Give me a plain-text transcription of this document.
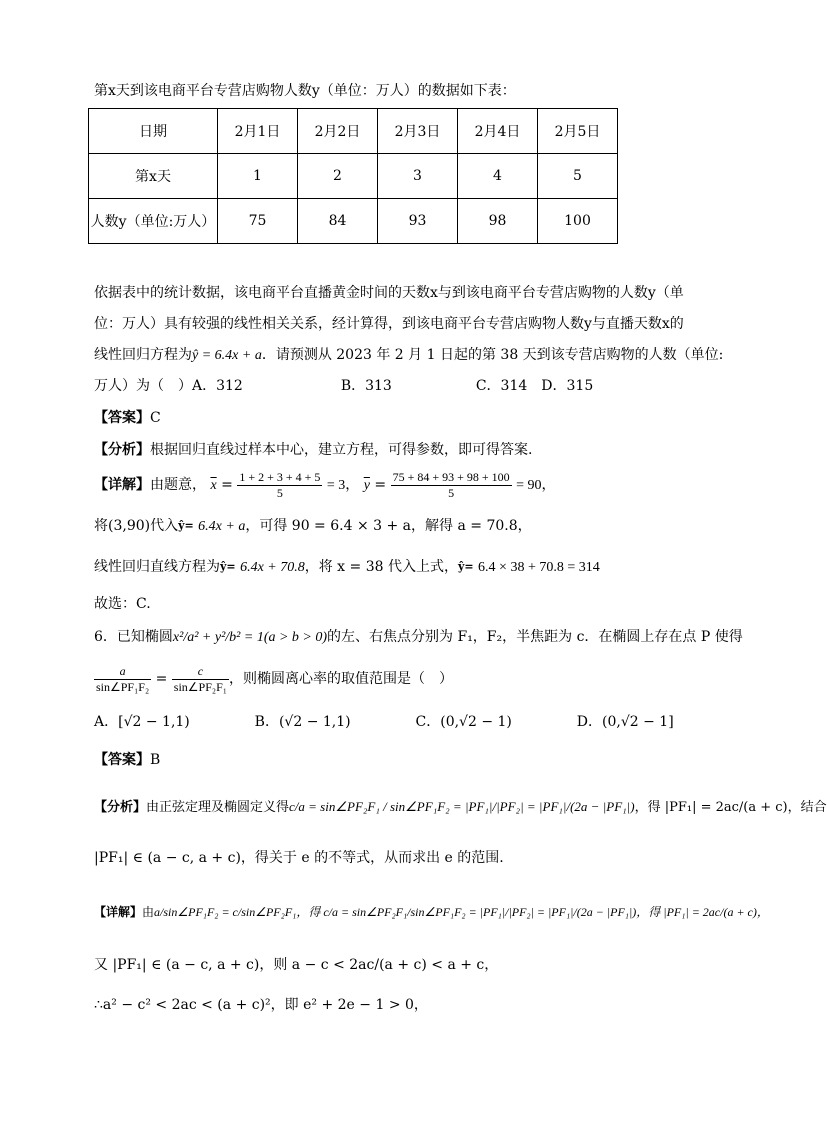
第x天到该电商平台专营店购物人数y（单位：万人）的数据如下表：
日期	2月1日	2月2日	2月3日	2月4日	2月5日
第x天	1	2	3	4	5
人数y（单位:万人）	75	84	93	98	100
依据表中的统计数据，该电商平台直播黄金时间的天数x与到该电商平台专营店购物的人数y（单
位：万人）具有较强的线性相关关系，经计算得，到该电商平台专营店购物人数y与直播天数x的
线性回归方程为ŷ = 6.4x + a．请预测从 2023 年 2 月 1 日起的第 38 天到该专营店购物的人数（单位:
万人）为（　）A．312　　　　　　　B．313　　　　　　C．314　D．315
【答案】C
【分析】根据回归直线过样本中心，建立方程，可得参数，即可得答案.
【详解】由题意， $\overline{x} = \frac{1 + 2 + 3 + 4 + 5}{5} = 3$， $\overline{y} = \frac{75 + 84 + 93 + 98 + 100}{5} = 90$，
将(3,90)代入ŷ= 6.4x + a，可得 90 = 6.4 × 3 + a，解得 a = 70.8，
线性回归直线方程为ŷ= 6.4x + 70.8，将 x = 38 代入上式，ŷ= 6.4 × 38 + 70.8 = 314
故选：C.
6．已知椭圆x²/a² + y²/b² = 1(a > b > 0)的左、右焦点分别为 F₁，F₂，半焦距为 c．在椭圆上存在点 P 使得
$\frac{a}{\text{sin∠PF₁F₂}} = \frac{c}{\text{sin∠PF₂F₁}}$ ，则椭圆离心率的取值范围是（　）
A．[√2 − 1,1)	B．(√2 − 1,1)	C．(0,√2 − 1)	D．(0,√2 − 1]
【答案】B
【分析】由正弦定理及椭圆定义得c/a = sin∠PF₂F₁ / sin∠PF₁F₂ = |PF₁|/|PF₂| = |PF₁|/(2a − |PF₁|)，得 |PF₁| = 2ac/(a + c)，结合
|PF₁| ∈ (a − c, a + c)，得关于 e 的不等式，从而求出 e 的范围.
【详解】由a/sin∠PF₁F₂ = c/sin∠PF₂F₁，得 c/a = sin∠PF₂F₁/sin∠PF₁F₂ = |PF₁|/|PF₂| = |PF₁|/(2a − |PF₁|)，得 |PF₁| = 2ac/(a + c)，
又 |PF₁| ∈ (a − c, a + c)，则 a − c < 2ac/(a + c) < a + c，
∴a² − c² < 2ac < (a + c)²，即 e² + 2e − 1 > 0，
